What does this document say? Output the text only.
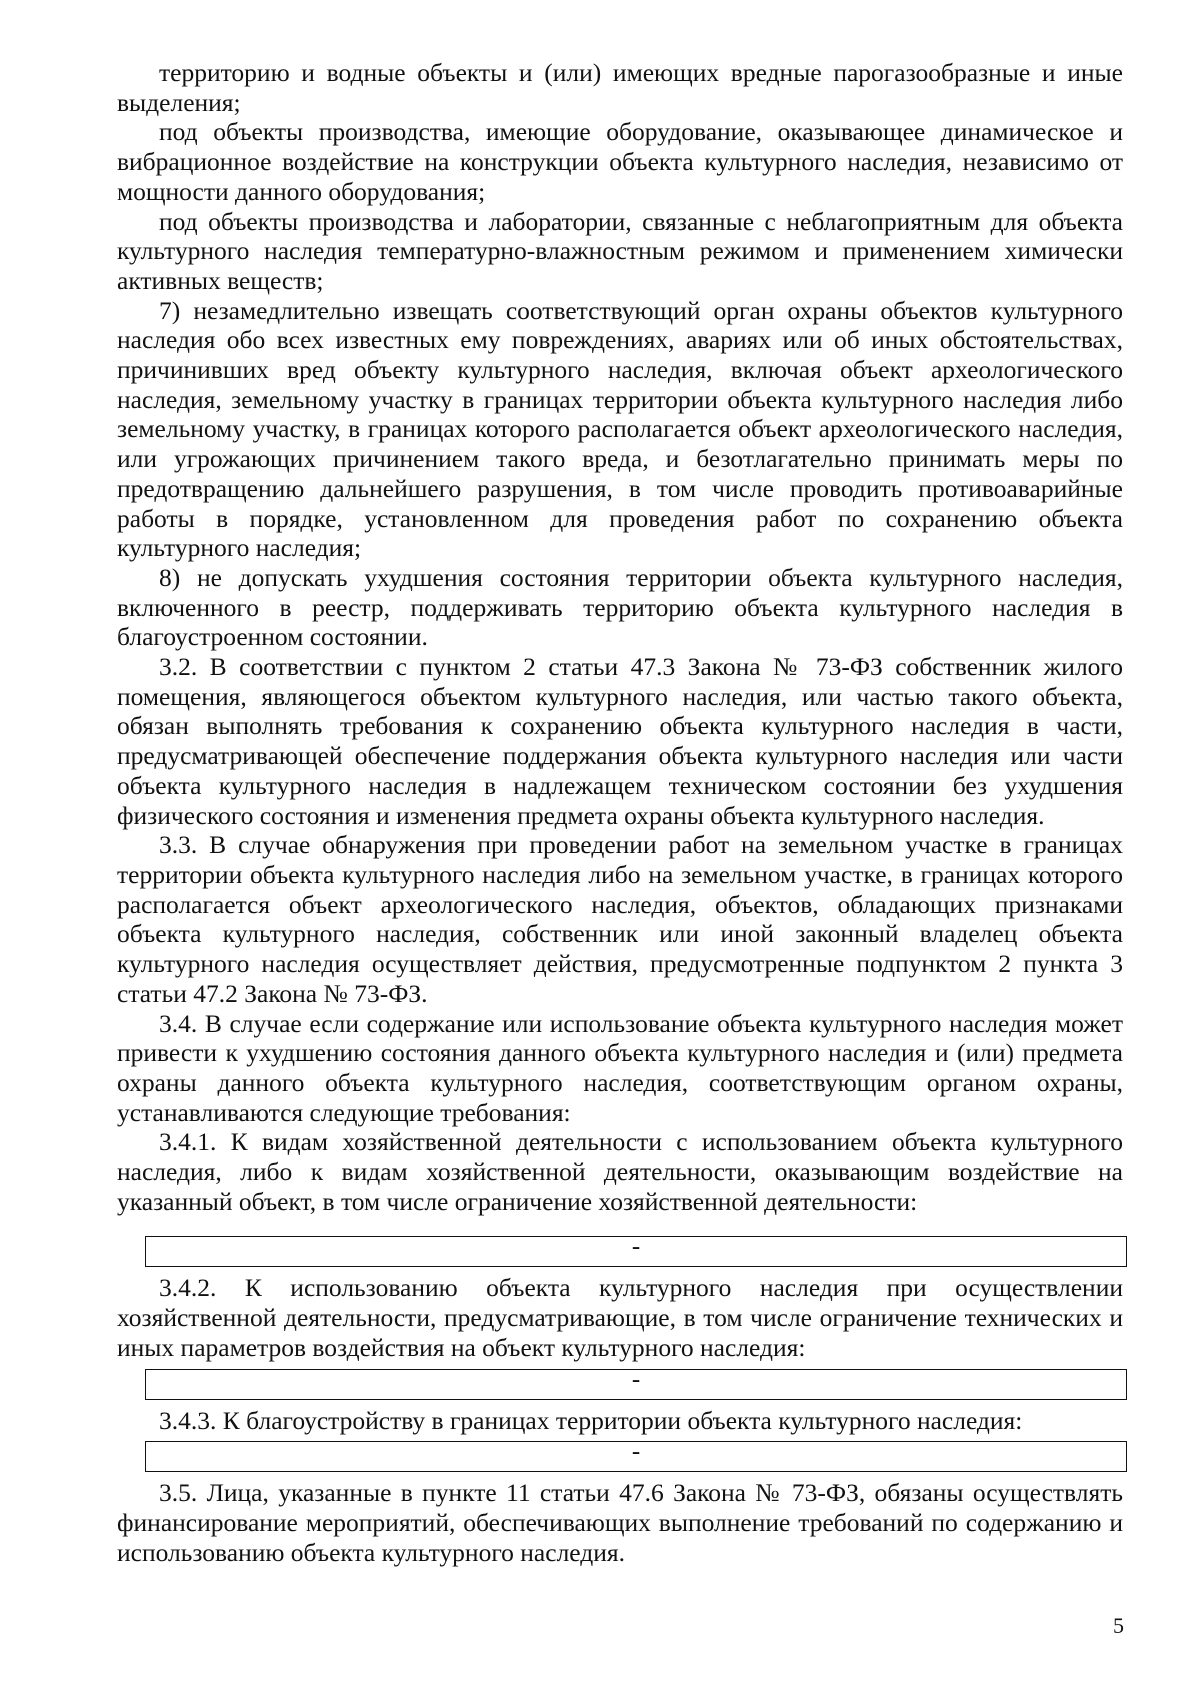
территорию и водные объекты и (или) имеющих вредные парогазообразные и иные выделения;

под объекты производства, имеющие оборудование, оказывающее динамическое и вибрационное воздействие на конструкции объекта культурного наследия, независимо от мощности данного оборудования;

под объекты производства и лаборатории, связанные с неблагоприятным для объекта культурного наследия температурно-влажностным режимом и применением химически активных веществ;

7) незамедлительно извещать соответствующий орган охраны объектов культурного наследия обо всех известных ему повреждениях, авариях или об иных обстоятельствах, причинивших вред объекту культурного наследия, включая объект археологического наследия, земельному участку в границах территории объекта культурного наследия либо земельному участку, в границах которого располагается объект археологического наследия, или угрожающих причинением такого вреда, и безотлагательно принимать меры по предотвращению дальнейшего разрушения, в том числе проводить противоаварийные работы в порядке, установленном для проведения работ по сохранению объекта культурного наследия;

8) не допускать ухудшения состояния территории объекта культурного наследия, включенного в реестр, поддерживать территорию объекта культурного наследия в благоустроенном состоянии.

3.2. В соответствии с пунктом 2 статьи 47.3 Закона № 73-ФЗ собственник жилого помещения, являющегося объектом культурного наследия, или частью такого объекта, обязан выполнять требования к сохранению объекта культурного наследия в части, предусматривающей обеспечение поддержания объекта культурного наследия или части объекта культурного наследия в надлежащем техническом состоянии без ухудшения физического состояния и изменения предмета охраны объекта культурного наследия.

3.3. В случае обнаружения при проведении работ на земельном участке в границах территории объекта культурного наследия либо на земельном участке, в границах которого располагается объект археологического наследия, объектов, обладающих признаками объекта культурного наследия, собственник или иной законный владелец объекта культурного наследия осуществляет действия, предусмотренные подпунктом 2 пункта 3 статьи 47.2 Закона № 73-ФЗ.

3.4. В случае если содержание или использование объекта культурного наследия может привести к ухудшению состояния данного объекта культурного наследия и (или) предмета охраны данного объекта культурного наследия, соответствующим органом охраны, устанавливаются следующие требования:

3.4.1. К видам хозяйственной деятельности с использованием объекта культурного наследия, либо к видам хозяйственной деятельности, оказывающим воздействие на указанный объект, в том числе ограничение хозяйственной деятельности:

-

3.4.2. К использованию объекта культурного наследия при осуществлении хозяйственной деятельности, предусматривающие, в том числе ограничение технических и иных параметров воздействия на объект культурного наследия:

-

3.4.3. К благоустройству в границах территории объекта культурного наследия:

-

3.5. Лица, указанные в пункте 11 статьи 47.6 Закона № 73-ФЗ, обязаны осуществлять финансирование мероприятий, обеспечивающих выполнение требований по содержанию и использованию объекта культурного наследия.

5
